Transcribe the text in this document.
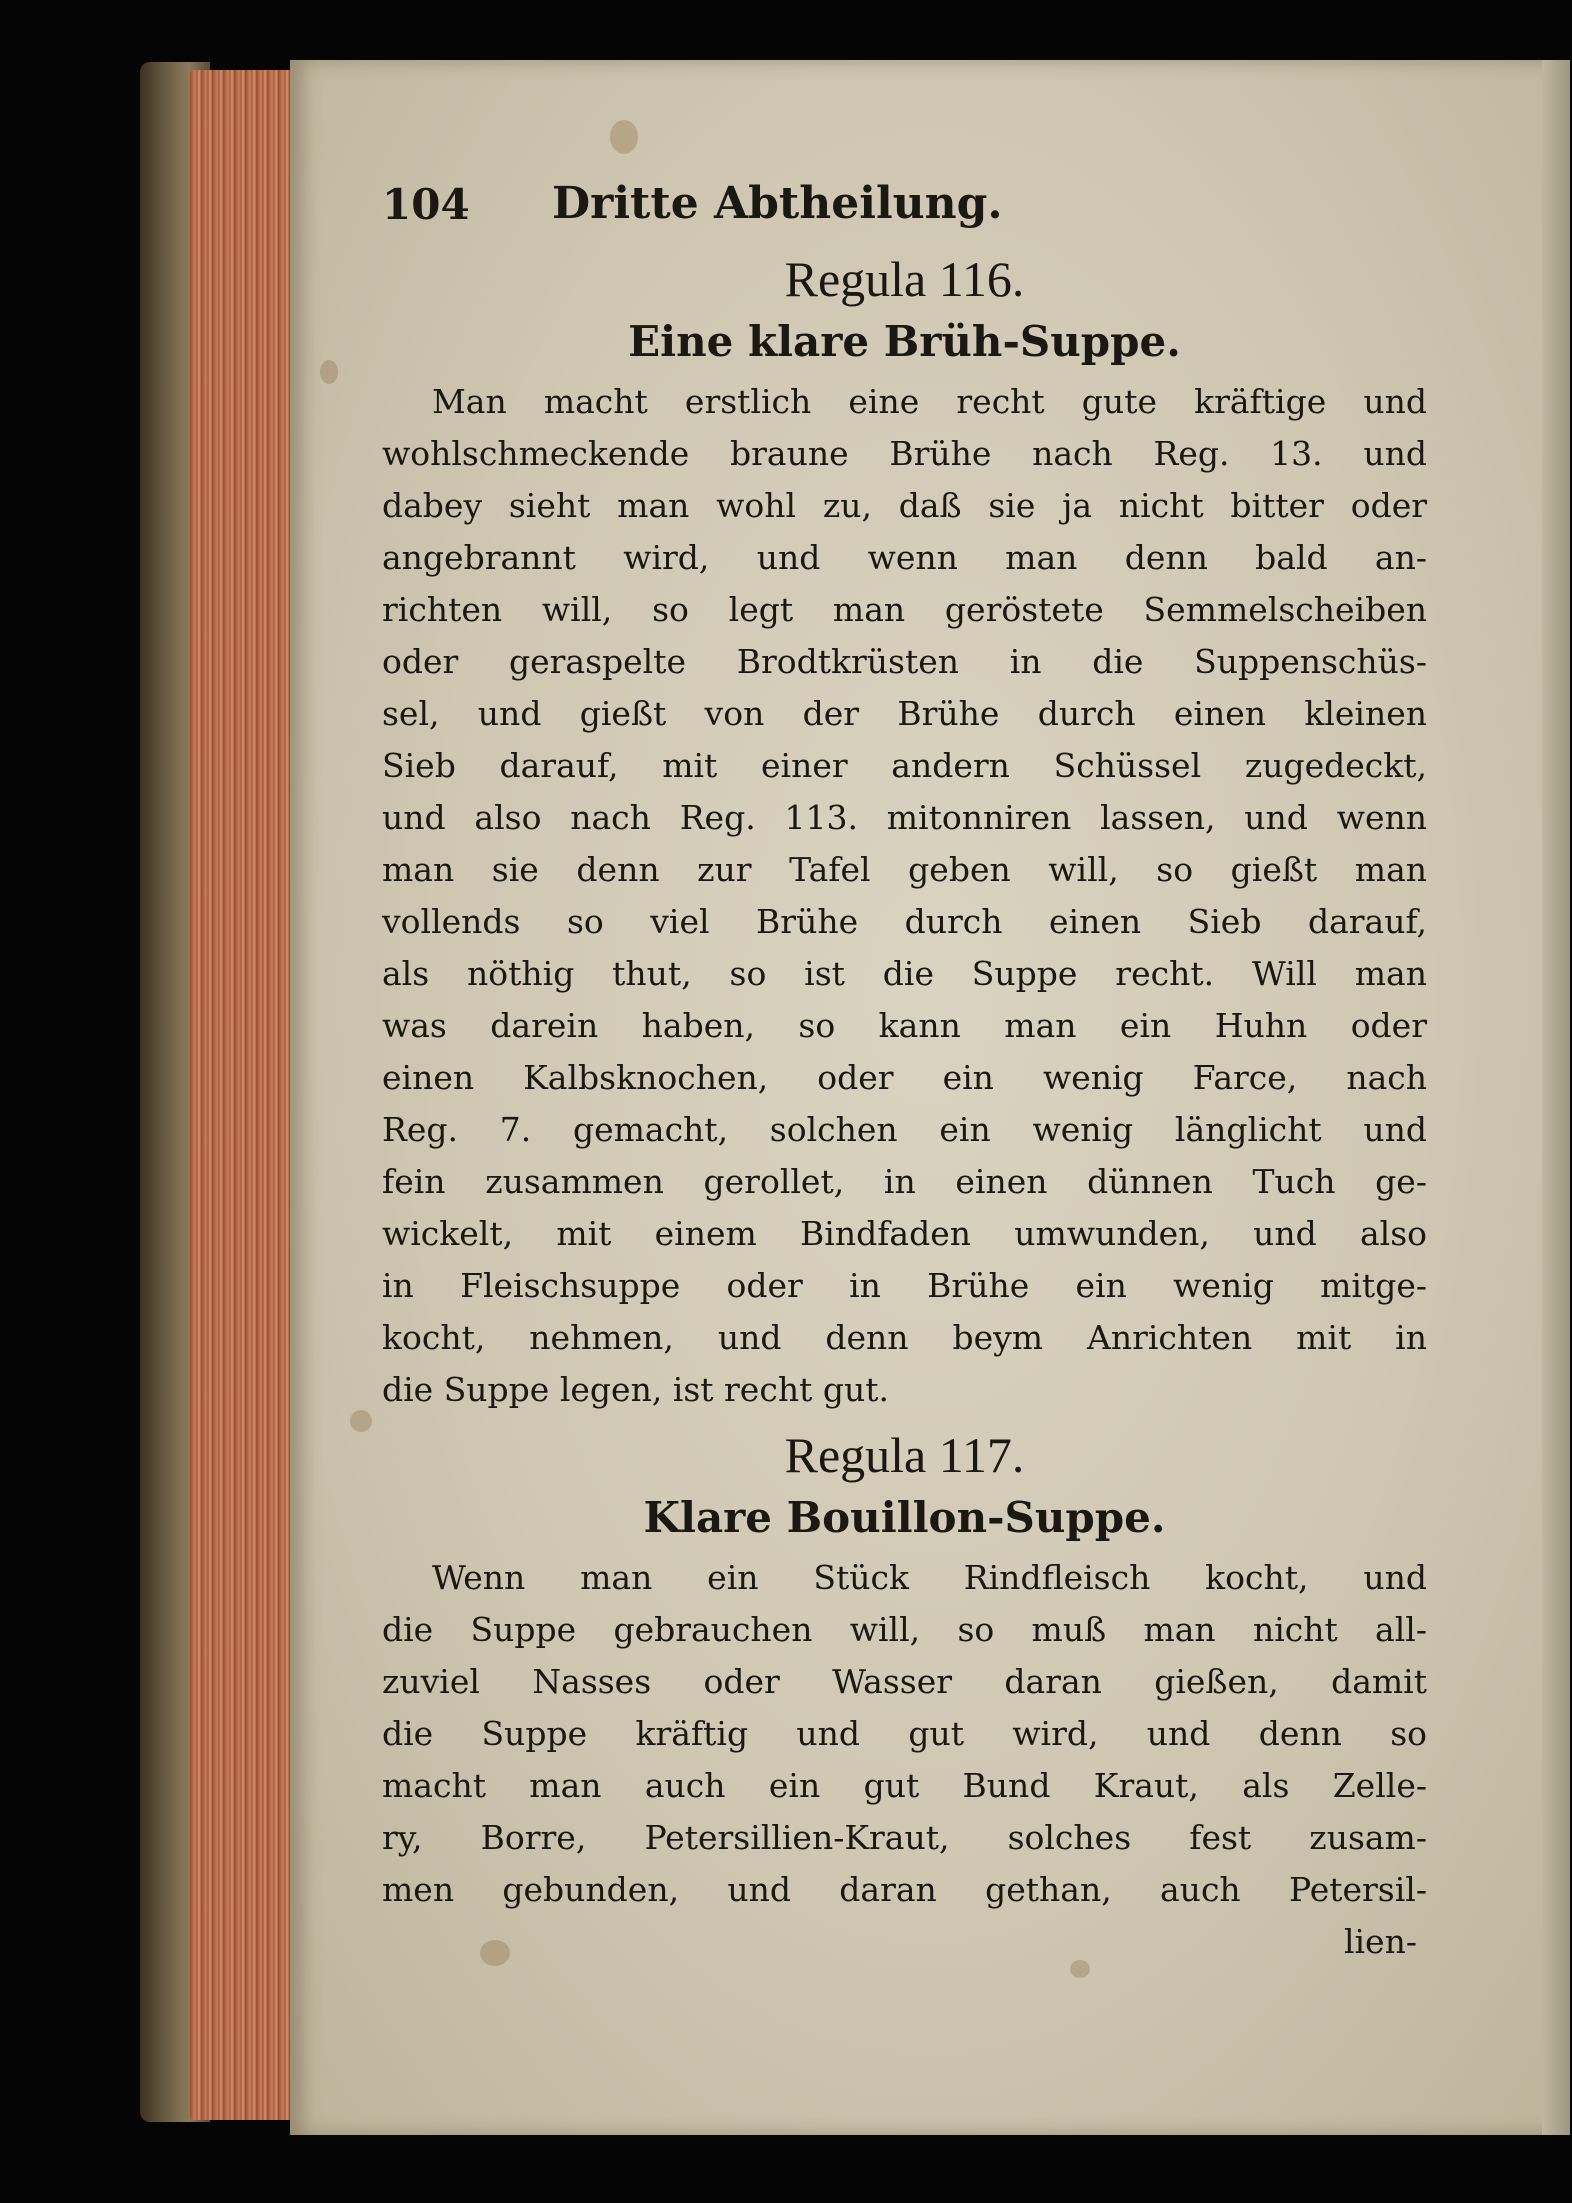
104 Dritte Abtheilung.
Regula 116.
Eine klare Brüh-Suppe.
Man macht erstlich eine recht gute kräftige und
wohlschmeckende braune Brühe nach Reg. 13. und
dabey sieht man wohl zu, daß sie ja nicht bitter oder
angebrannt wird, und wenn man denn bald an-
richten will, so legt man geröstete Semmelscheiben
oder geraspelte Brodtkrüsten in die Suppenschüs-
sel, und gießt von der Brühe durch einen kleinen
Sieb darauf, mit einer andern Schüssel zugedeckt,
und also nach Reg. 113. mitonniren lassen, und wenn
man sie denn zur Tafel geben will, so gießt man
vollends so viel Brühe durch einen Sieb darauf,
als nöthig thut, so ist die Suppe recht. Will man
was darein haben, so kann man ein Huhn oder
einen Kalbsknochen, oder ein wenig Farce, nach
Reg. 7. gemacht, solchen ein wenig länglicht und
fein zusammen gerollet, in einen dünnen Tuch ge-
wickelt, mit einem Bindfaden umwunden, und also
in Fleischsuppe oder in Brühe ein wenig mitge-
kocht, nehmen, und denn beym Anrichten mit in
die Suppe legen, ist recht gut.
Regula 117.
Klare Bouillon-Suppe.
Wenn man ein Stück Rindfleisch kocht, und
die Suppe gebrauchen will, so muß man nicht all-
zuviel Nasses oder Wasser daran gießen, damit
die Suppe kräftig und gut wird, und denn so
macht man auch ein gut Bund Kraut, als Zelle-
ry, Borre, Petersillien-Kraut, solches fest zusam-
men gebunden, und daran gethan, auch Petersil-
lien-
